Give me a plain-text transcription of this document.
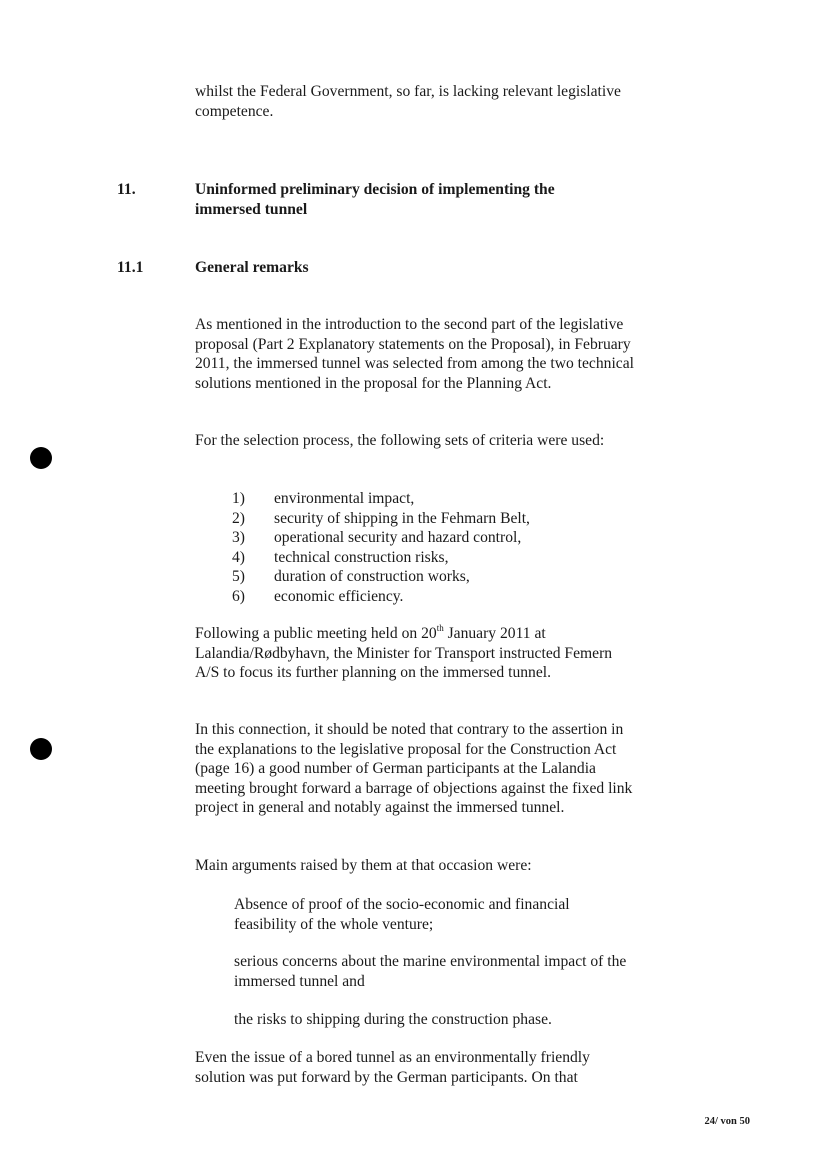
whilst the Federal Government, so far, is lacking relevant legislative competence.

11.	Uninformed preliminary decision of implementing the immersed tunnel
11.1	General remarks

As mentioned in the introduction to the second part of the legislative proposal (Part 2 Explanatory statements on the Proposal), in February 2011, the immersed tunnel was selected from among the two technical solutions mentioned in the proposal for the Planning Act.

For the selection process, the following sets of criteria were used:

1)	environmental impact,
2)	security of shipping in the Fehmarn Belt,
3)	operational security and hazard control,
4)	technical construction risks,
5)	duration of construction works,
6)	economic efficiency.

Following a public meeting held on 20th January 2011 at Lalandia/Rødbyhavn, the Minister for Transport instructed Femern A/S to focus its further planning on the immersed tunnel.

In this connection, it should be noted that contrary to the assertion in the explanations to the legislative proposal for the Construction Act (page 16) a good number of German participants at the Lalandia meeting brought forward a barrage of objections against the fixed link project in general and notably against the immersed tunnel.

Main arguments raised by them at that occasion were:

Absence of proof of the socio-economic and financial feasibility of the whole venture;

serious concerns about the marine environmental impact of the immersed tunnel and

the risks to shipping during the construction phase.

Even the issue of a bored tunnel as an environmentally friendly solution was put forward by the German participants. On that

24/ von 50
